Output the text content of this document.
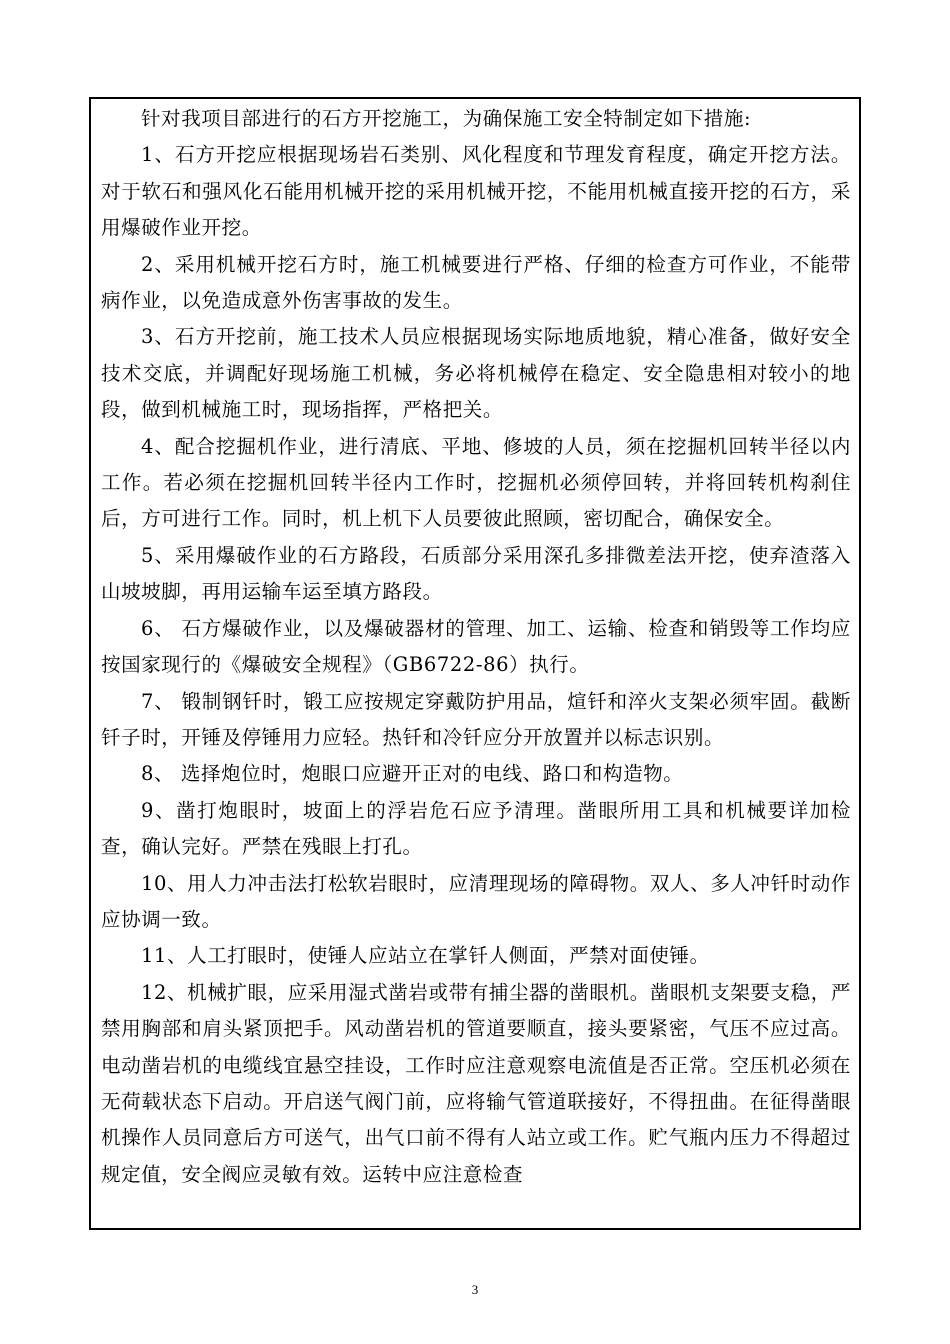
针对我项目部进行的石方开挖施工，为确保施工安全特制定如下措施:

1、石方开挖应根据现场岩石类别、风化程度和节理发育程度，确定开挖方法。对于软石和强风化石能用机械开挖的采用机械开挖，不能用机械直接开挖的石方，采用爆破作业开挖。

2、采用机械开挖石方时，施工机械要进行严格、仔细的检查方可作业，不能带病作业，以免造成意外伤害事故的发生。

3、石方开挖前，施工技术人员应根据现场实际地质地貌，精心准备，做好安全技术交底，并调配好现场施工机械，务必将机械停在稳定、安全隐患相对较小的地段，做到机械施工时，现场指挥，严格把关。

4、配合挖掘机作业，进行清底、平地、修坡的人员，须在挖掘机回转半径以内工作。若必须在挖掘机回转半径内工作时，挖掘机必须停回转，并将回转机构刹住后，方可进行工作。同时，机上机下人员要彼此照顾，密切配合，确保安全。

5、采用爆破作业的石方路段，石质部分采用深孔多排微差法开挖，使弃渣落入山坡坡脚，再用运输车运至填方路段。

6、 石方爆破作业，以及爆破器材的管理、加工、运输、检查和销毁等工作均应按国家现行的《爆破安全规程》（GB6722-86）执行。

7、 锻制钢钎时，锻工应按规定穿戴防护用品，煊钎和淬火支架必须牢固。截断钎子时，开锤及停锤用力应轻。热钎和冷钎应分开放置并以标志识别。

8、 选择炮位时，炮眼口应避开正对的电线、路口和构造物。

9、凿打炮眼时，坡面上的浮岩危石应予清理。凿眼所用工具和机械要详加检查，确认完好。严禁在残眼上打孔。

10、用人力冲击法打松软岩眼时，应清理现场的障碍物。双人、多人冲钎时动作应协调一致。

11、人工打眼时，使锤人应站立在掌钎人侧面，严禁对面使锤。

12、机械扩眼，应采用湿式凿岩或带有捕尘器的凿眼机。凿眼机支架要支稳，严禁用胸部和肩头紧顶把手。风动凿岩机的管道要顺直，接头要紧密，气压不应过高。电动凿岩机的电缆线宜悬空挂设，工作时应注意观察电流值是否正常。空压机必须在无荷载状态下启动。开启送气阀门前，应将输气管道联接好，不得扭曲。在征得凿眼机操作人员同意后方可送气，出气口前不得有人站立或工作。贮气瓶内压力不得超过规定值，安全阀应灵敏有效。运转中应注意检查

3
